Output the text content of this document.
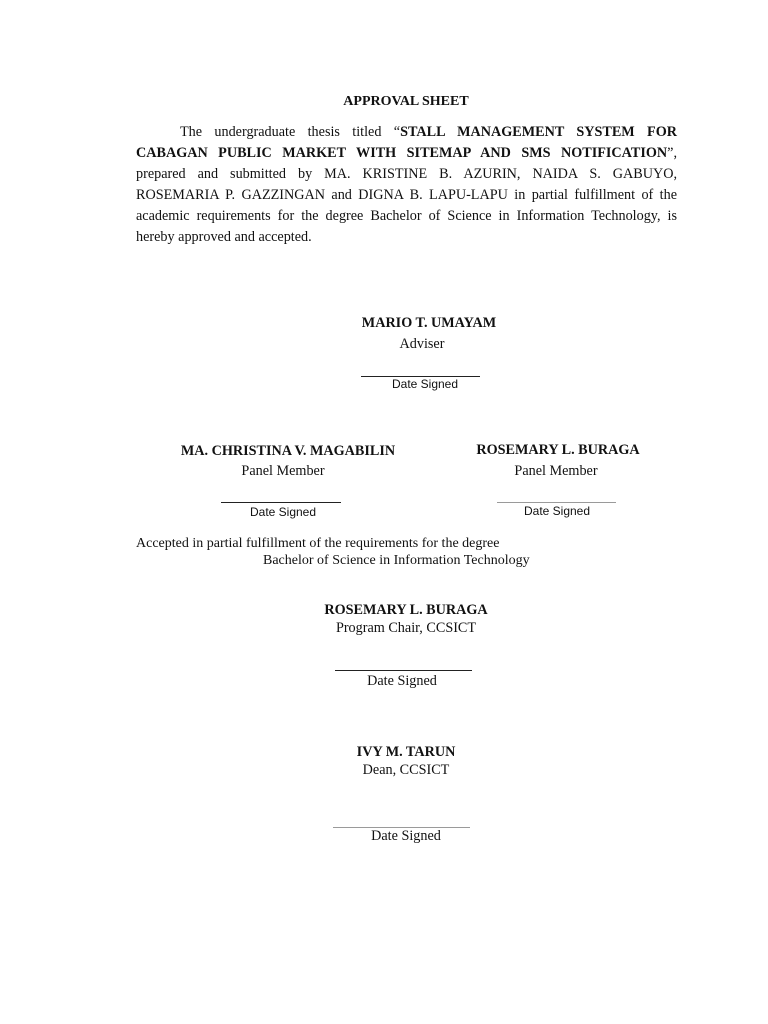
APPROVAL SHEET
The undergraduate thesis titled “STALL MANAGEMENT SYSTEM FOR CABAGAN PUBLIC MARKET WITH SITEMAP AND SMS NOTIFICATION”, prepared and submitted by MA. KRISTINE B. AZURIN, NAIDA S. GABUYO, ROSEMARIA P. GAZZINGAN and DIGNA B. LAPU-LAPU in partial fulfillment of the academic requirements for the degree Bachelor of Science in Information Technology, is hereby approved and accepted.
MARIO T. UMAYAM
Adviser
Date Signed
MA. CHRISTINA V. MAGABILIN
Panel Member
Date Signed
ROSEMARY L. BURAGA
Panel Member
Date Signed
Accepted in partial fulfillment of the requirements for the degree
Bachelor of Science in Information Technology
ROSEMARY L. BURAGA
Program Chair, CCSICT
Date Signed
IVY M. TARUN
Dean, CCSICT
Date Signed
